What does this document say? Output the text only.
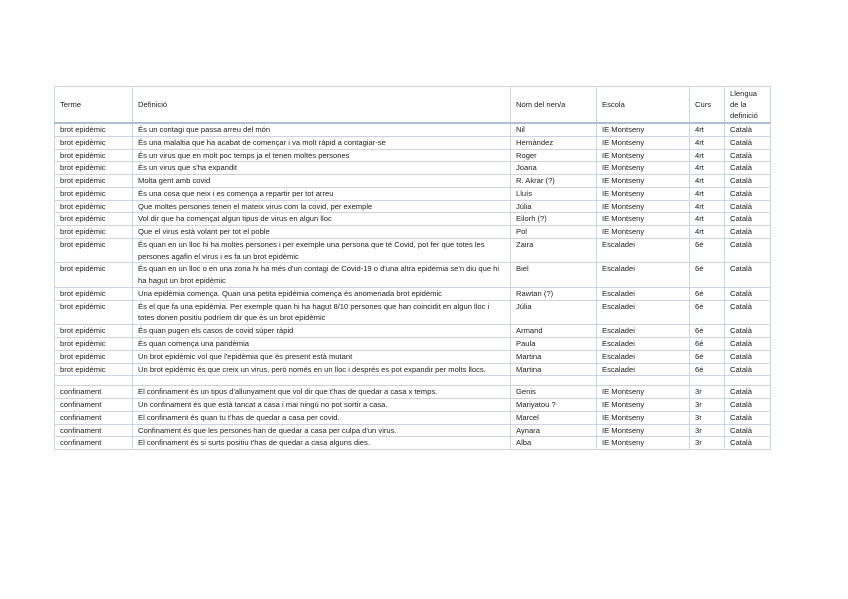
Terme	Definició	Nom del nen/a	Escola	Curs	Llengua de la definició
brot epidèmic	És un contagi que passa arreu del món	Nil	IE Montseny	4rt	Català
brot epidèmic	És una malaltia que ha acabat de començar i va molt ràpid a contagiar-se	Hernàndez	IE Montseny	4rt	Català
brot epidèmic	És un virus que en molt poc temps ja el tenen moltes persones	Roger	IE Montseny	4rt	Català
brot epidèmic	És un virus que s'ha expandit	Joana	IE Montseny	4rt	Català
brot epidèmic	Molta gent amb covid	R. Akrar (?)	IE Montseny	4rt	Català
brot epidèmic	És una cosa que neix i es comença a repartir per tot arreu	Lluís	IE Montseny	4rt	Català
brot epidèmic	Que moltes persones tenen el mateix virus com la covid, per exemple	Júlia	IE Montseny	4rt	Català
brot epidèmic	Vol dir que ha començat algun tipus de virus en algun lloc	Eilorh (?)	IE Montseny	4rt	Català
brot epidèmic	Que el virus està volant per tot el poble	Pol	IE Montseny	4rt	Català
brot epidèmic	És quan en un lloc hi ha moltes persones i per exemple una persona que té Covid, pot fer que totes les persones agafin el virus i es fa un brot epidèmic	Zaira	Escaladei	6é	Català
brot epidèmic	És quan en un lloc o en una zona hi ha més d'un contagi de Covid-19 o d'una altra epidèmia se'n diu que hi ha hagut un brot epidèmic	Biel	Escaladei	6é	Català
brot epidèmic	Una epidèmia comença. Quan una petita epidèmia comença és anomenada brot epidèmic	Rawtan (?)	Escaladei	6é	Català
brot epidèmic	És el que fa una epidèmia. Per exemple quan hi ha hagut 8/10 persones que han coincidit en algun lloc i totes donen positiu podríem dir que és un brot epidèmic	Júlia	Escaladei	6é	Català
brot epidèmic	És quan pugen els casos de covid súper ràpid	Armand	Escaladei	6é	Català
brot epidèmic	És quan comença una pandèmia	Paula	Escaladei	6é	Català
brot epidèmic	Un brot epidèmic vol que l'epidèmia que és present està mutant	Martina	Escaladei	6é	Català
brot epidèmic	Un brot epidèmic és que creix un virus, però només en un lloc i després es pot expandir per molts llocs.	Martina	Escaladei	6é	Català

confinament	El confinament és un tipus d'allunyament que vol dir que t'has de quedar a casa x temps.	Genis	IE Montseny	3r	Català
confinament	Un confinament és que està tancat a casa i mai ningú no pot sortir a casa.	Mariyatou ?	IE Montseny	3r	Català
confinament	El confinament és quan tu t'has de quedar a casa per covid.	Marcel	IE Montseny	3r	Català
confinament	Confinament és que les persones han de quedar a casa per culpa d'un virus.	Aynara	IE Montseny	3r	Català
confinament	El confinament és si surts positiu t'has de quedar a casa alguns dies.	Alba	IE Montseny	3r	Català
